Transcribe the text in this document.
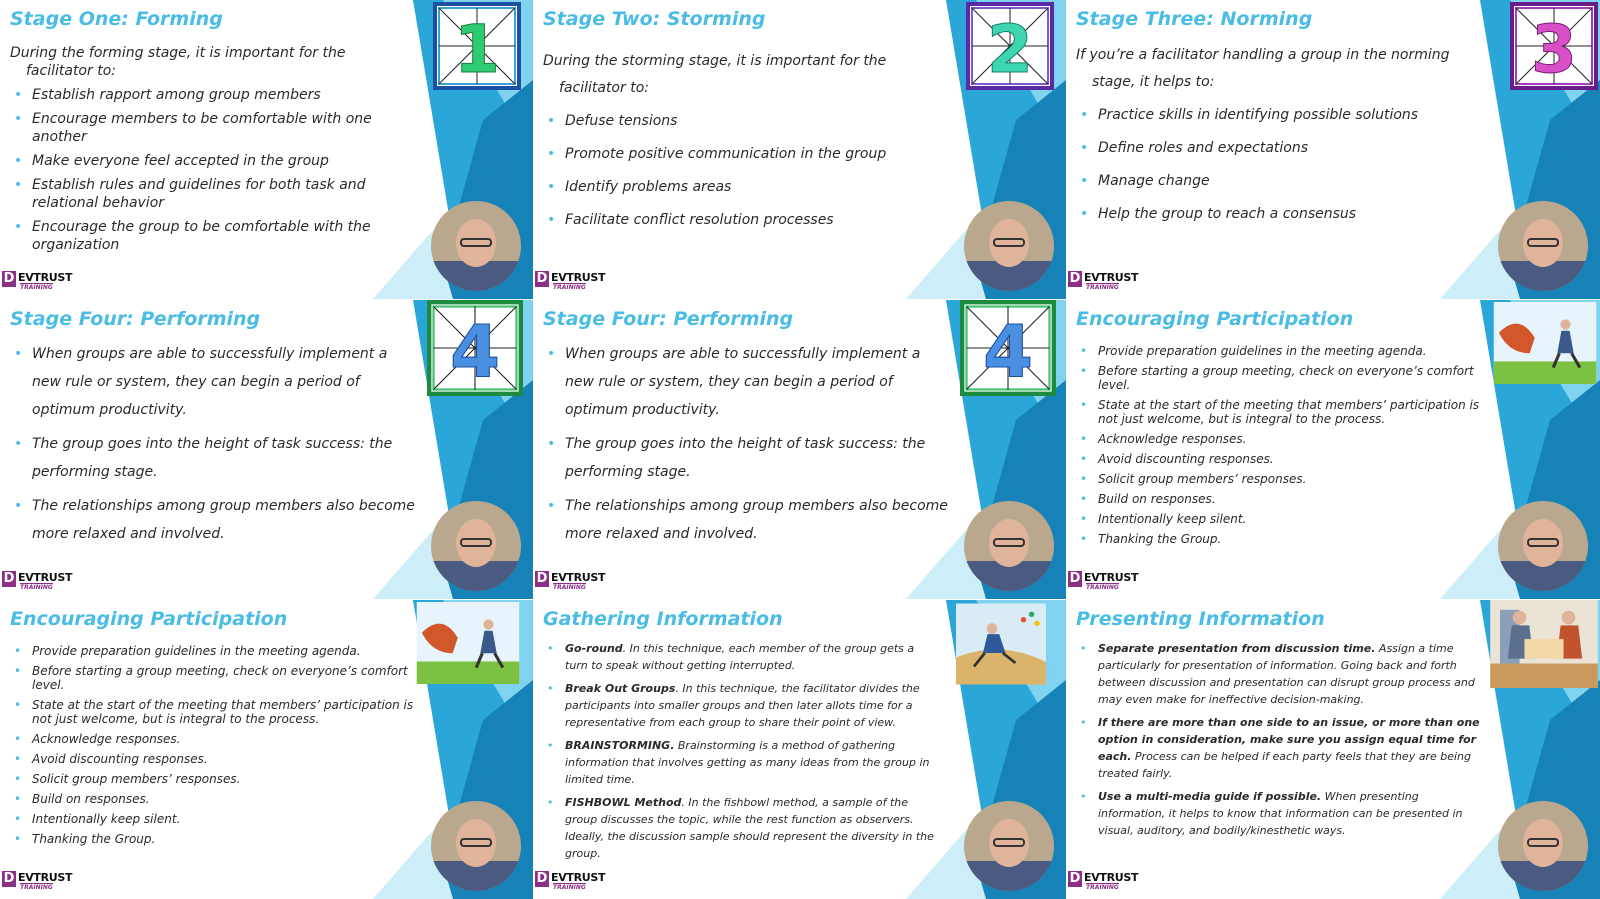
Stage One: Forming

During the forming stage, it is important for the facilitator to:

• Establish rapport among group members
• Encourage members to be comfortable with one another
• Make everyone feel accepted in the group
• Establish rules and guidelines for both task and relational behavior
• Encourage the group to be comfortable with the organization
1
D EVTRUST
TRAINING
Stage Two: Storming

During the storming stage, it is important for the facilitator to:

• Defuse tensions
• Promote positive communication in the group
• Identify problems areas
• Facilitate conflict resolution processes
2
D EVTRUST
TRAINING
Stage Three: Norming

If you’re a facilitator handling a group in the norming stage, it helps to:

• Practice skills in identifying possible solutions
• Define roles and expectations
• Manage change
• Help the group to reach a consensus
3
D EVTRUST
TRAINING
Stage Four: Performing
• When groups are able to successfully implement a new rule or system, they can begin a period of optimum productivity.
• The group goes into the height of task success: the performing stage.
• The relationships among group members also become more relaxed and involved.
4
D EVTRUST
TRAINING
Stage Four: Performing
• When groups are able to successfully implement a new rule or system, they can begin a period of optimum productivity.
• The group goes into the height of task success: the performing stage.
• The relationships among group members also become more relaxed and involved.
4
D EVTRUST
TRAINING
Encouraging Participation
• Provide preparation guidelines in the meeting agenda.
• Before starting a group meeting, check on everyone’s comfort level.
• State at the start of the meeting that members’ participation is not just welcome, but is integral to the process.
• Acknowledge responses.
• Avoid discounting responses.
• Solicit group members’ responses.
• Build on responses.
• Intentionally keep silent.
• Thanking the Group.
D EVTRUST
TRAINING
Encouraging Participation
• Provide preparation guidelines in the meeting agenda.
• Before starting a group meeting, check on everyone’s comfort level.
• State at the start of the meeting that members’ participation is not just welcome, but is integral to the process.
• Acknowledge responses.
• Avoid discounting responses.
• Solicit group members’ responses.
• Build on responses.
• Intentionally keep silent.
• Thanking the Group.
D EVTRUST
TRAINING
Gathering Information
• Go-round. In this technique, each member of the group gets a turn to speak without getting interrupted.
• Break Out Groups. In this technique, the facilitator divides the participants into smaller groups and then later allots time for a representative from each group to share their point of view.
• BRAINSTORMING. Brainstorming is a method of gathering information that involves getting as many ideas from the group in limited time.
• FISHBOWL Method. In the fishbowl method, a sample of the group discusses the topic, while the rest function as observers. Ideally, the discussion sample should represent the diversity in the group.
D EVTRUST
TRAINING
Presenting Information
• Separate presentation from discussion time. Assign a time particularly for presentation of information. Going back and forth between discussion and presentation can disrupt group process and may even make for ineffective decision-making.
• If there are more than one side to an issue, or more than one option in consideration, make sure you assign equal time for each. Process can be helped if each party feels that they are being treated fairly.
• Use a multi-media guide if possible. When presenting information, it helps to know that information can be presented in visual, auditory, and bodily/kinesthetic ways.
D EVTRUST
TRAINING
